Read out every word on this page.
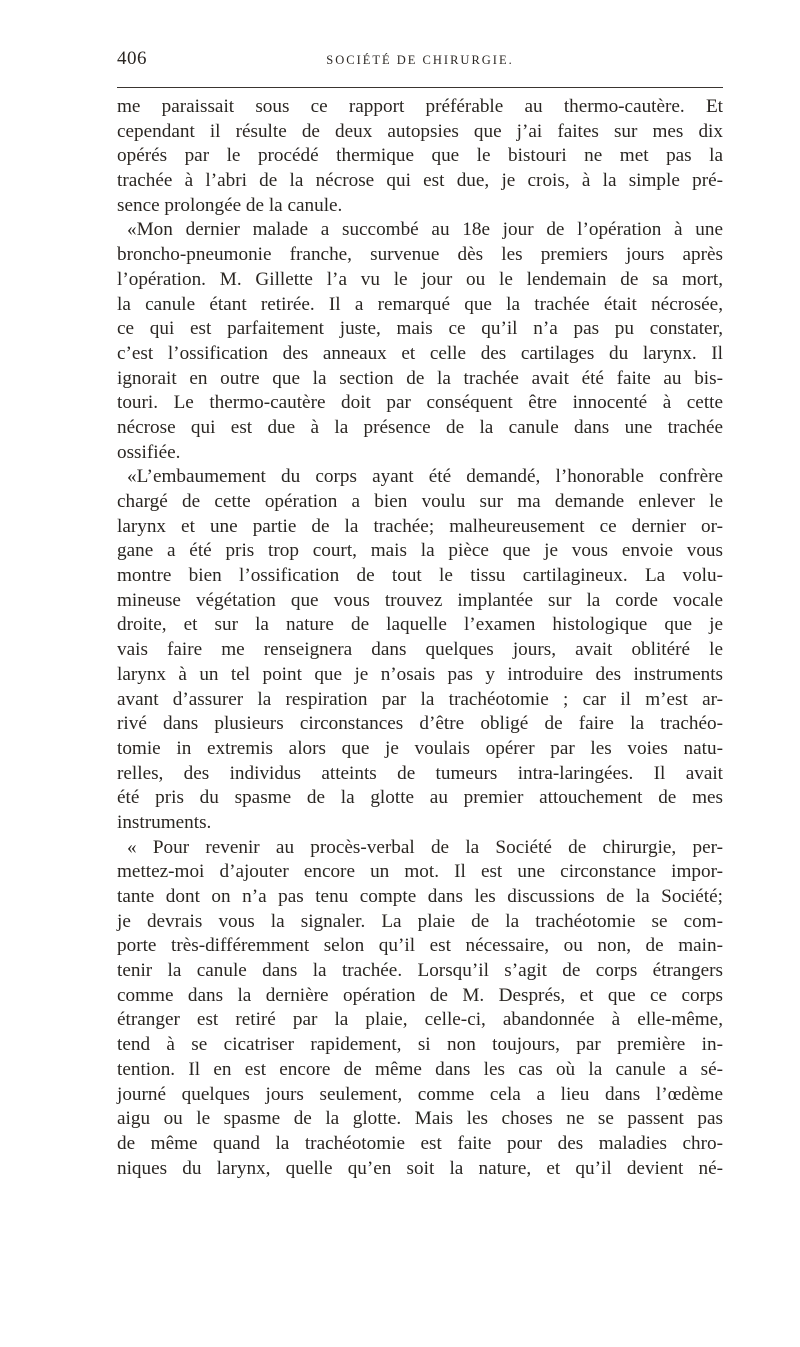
406	SOCIÉTÉ DE CHIRURGIE.
me paraissait sous ce rapport préférable au thermo-cautère. Et
cependant il résulte de deux autopsies que j’ai faites sur mes dix
opérés par le procédé thermique que le bistouri ne met pas la
trachée à l’abri de la nécrose qui est due, je crois, à la simple pré-
sence prolongée de la canule.
«Mon dernier malade a succombé au 18e jour de l’opération à une
broncho-pneumonie franche, survenue dès les premiers jours après
l’opération. M. Gillette l’a vu le jour ou le lendemain de sa mort,
la canule étant retirée. Il a remarqué que la trachée était nécrosée,
ce qui est parfaitement juste, mais ce qu’il n’a pas pu constater,
c’est l’ossification des anneaux et celle des cartilages du larynx. Il
ignorait en outre que la section de la trachée avait été faite au bis-
touri. Le thermo-cautère doit par conséquent être innocenté à cette
nécrose qui est due à la présence de la canule dans une trachée
ossifiée.
«L’embaumement du corps ayant été demandé, l’honorable confrère
chargé de cette opération a bien voulu sur ma demande enlever le
larynx et une partie de la trachée; malheureusement ce dernier or-
gane a été pris trop court, mais la pièce que je vous envoie vous
montre bien l’ossification de tout le tissu cartilagineux. La volu-
mineuse végétation que vous trouvez implantée sur la corde vocale
droite, et sur la nature de laquelle l’examen histologique que je
vais faire me renseignera dans quelques jours, avait oblitéré le
larynx à un tel point que je n’osais pas y introduire des instruments
avant d’assurer la respiration par la trachéotomie ; car il m’est ar-
rivé dans plusieurs circonstances d’être obligé de faire la trachéo-
tomie in extremis alors que je voulais opérer par les voies natu-
relles, des individus atteints de tumeurs intra-laringées. Il avait
été pris du spasme de la glotte au premier attouchement de mes
instruments.
« Pour revenir au procès-verbal de la Société de chirurgie, per-
mettez-moi d’ajouter encore un mot. Il est une circonstance impor-
tante dont on n’a pas tenu compte dans les discussions de la Société;
je devrais vous la signaler. La plaie de la trachéotomie se com-
porte très-différemment selon qu’il est nécessaire, ou non, de main-
tenir la canule dans la trachée. Lorsqu’il s’agit de corps étrangers
comme dans la dernière opération de M. Després, et que ce corps
étranger est retiré par la plaie, celle-ci, abandonnée à elle-même,
tend à se cicatriser rapidement, si non toujours, par première in-
tention. Il en est encore de même dans les cas où la canule a sé-
journé quelques jours seulement, comme cela a lieu dans l’œdème
aigu ou le spasme de la glotte. Mais les choses ne se passent pas
de même quand la trachéotomie est faite pour des maladies chro-
niques du larynx, quelle qu’en soit la nature, et qu’il devient né-
